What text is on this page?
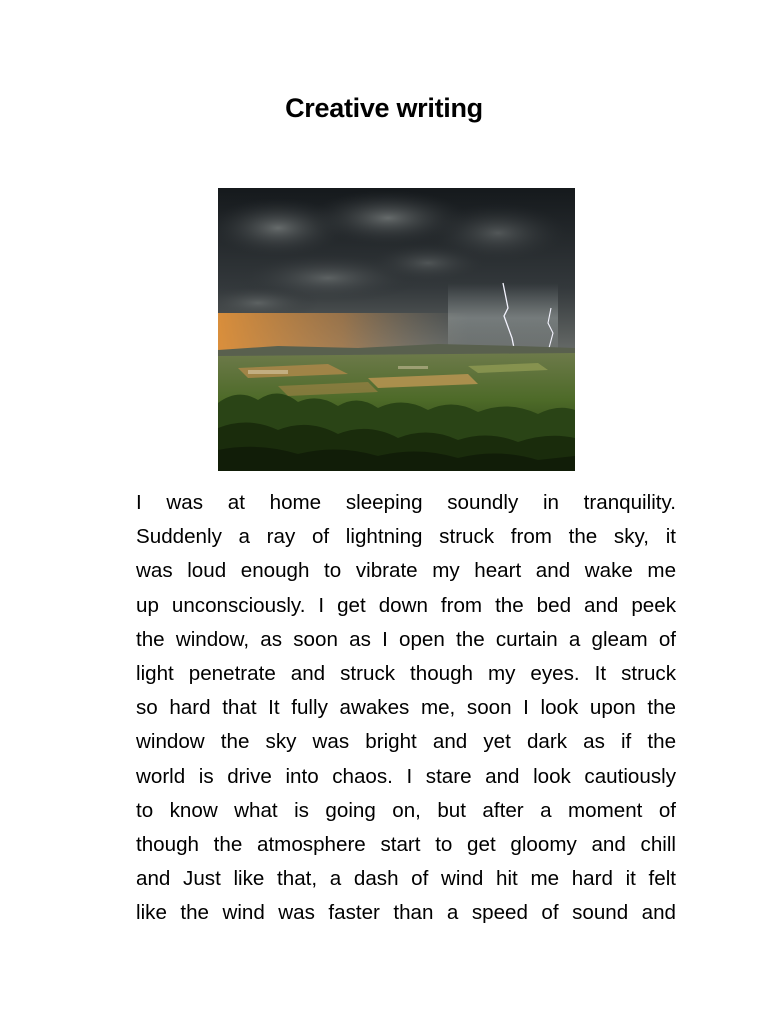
Creative writing
I was at home sleeping soundly in tranquility.
Suddenly a ray of lightning struck from the sky, it
was loud enough to vibrate my heart and wake me
up unconsciously. I get down from the bed and peek
the window, as soon as I open the curtain a gleam of
light penetrate and struck though my eyes. It struck
so hard that It fully awakes me, soon I look upon the
window the sky was bright and yet dark as if the
world is drive into chaos. I stare and look cautiously
to know what is going on, but after a moment of
though the atmosphere start to get gloomy and chill
and Just like that, a dash of wind hit me hard it felt
like the wind was faster than a speed of sound and
